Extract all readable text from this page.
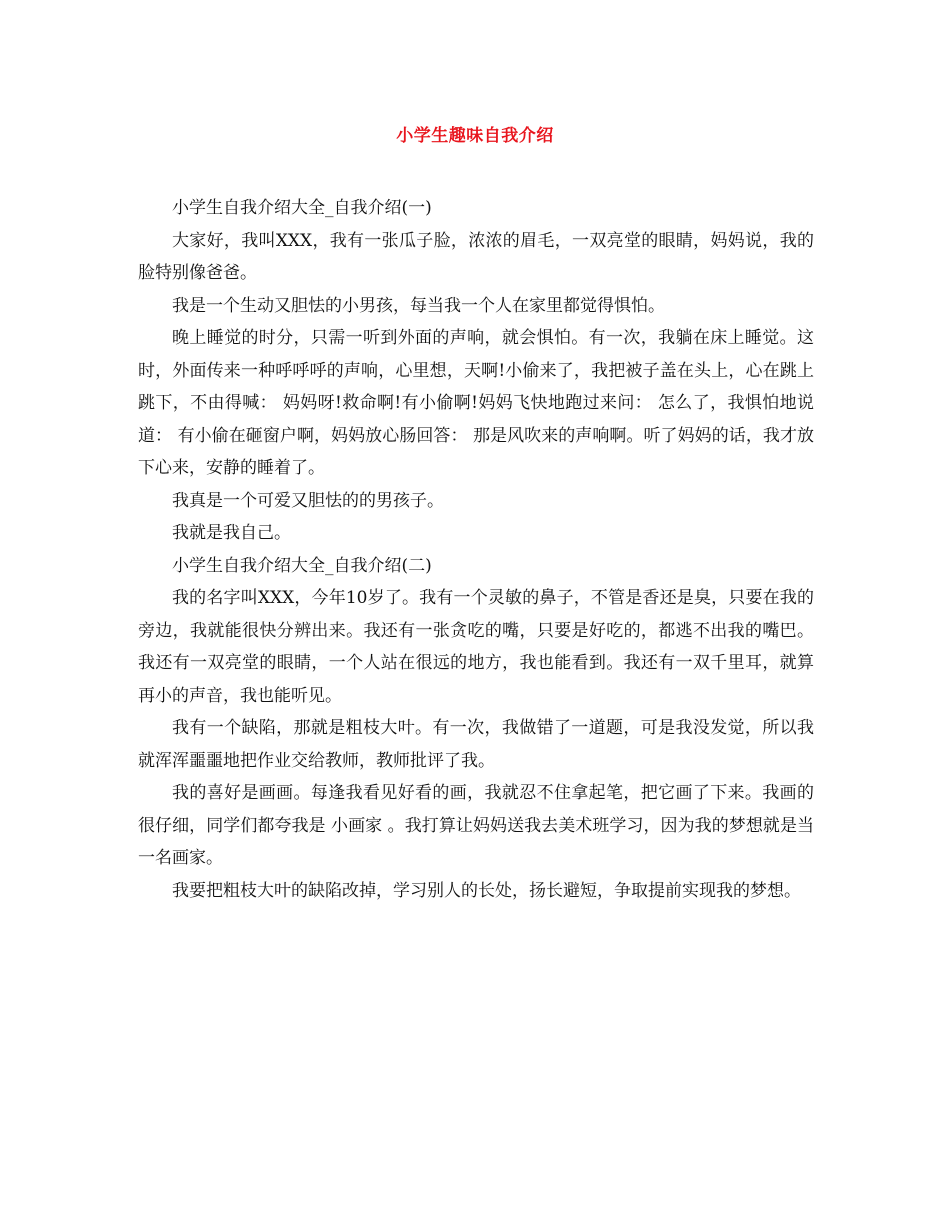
小学生趣味自我介绍

小学生自我介绍大全_自我介绍(一)

大家好，我叫XXX，我有一张瓜子脸，浓浓的眉毛，一双亮堂的眼睛，妈妈说，我的脸特别像爸爸。

我是一个生动又胆怯的小男孩，每当我一个人在家里都觉得惧怕。

晚上睡觉的时分，只需一听到外面的声响，就会惧怕。有一次，我躺在床上睡觉。这时，外面传来一种呼呼呼的声响，心里想，天啊!小偷来了，我把被子盖在头上，心在跳上跳下，不由得喊： 妈妈呀!救命啊!有小偷啊!妈妈飞快地跑过来问： 怎么了，我惧怕地说道： 有小偷在砸窗户啊，妈妈放心肠回答： 那是风吹来的声响啊。听了妈妈的话，我才放下心来，安静的睡着了。

我真是一个可爱又胆怯的的男孩子。

我就是我自己。

小学生自我介绍大全_自我介绍(二)

我的名字叫XXX，今年10岁了。我有一个灵敏的鼻子，不管是香还是臭，只要在我的旁边，我就能很快分辨出来。我还有一张贪吃的嘴，只要是好吃的，都逃不出我的嘴巴。我还有一双亮堂的眼睛，一个人站在很远的地方，我也能看到。我还有一双千里耳，就算再小的声音，我也能听见。

我有一个缺陷，那就是粗枝大叶。有一次，我做错了一道题，可是我没发觉，所以我就浑浑噩噩地把作业交给教师，教师批评了我。

我的喜好是画画。每逢我看见好看的画，我就忍不住拿起笔，把它画了下来。我画的很仔细，同学们都夸我是 小画家 。我打算让妈妈送我去美术班学习，因为我的梦想就是当一名画家。

我要把粗枝大叶的缺陷改掉，学习别人的长处，扬长避短，争取提前实现我的梦想。
